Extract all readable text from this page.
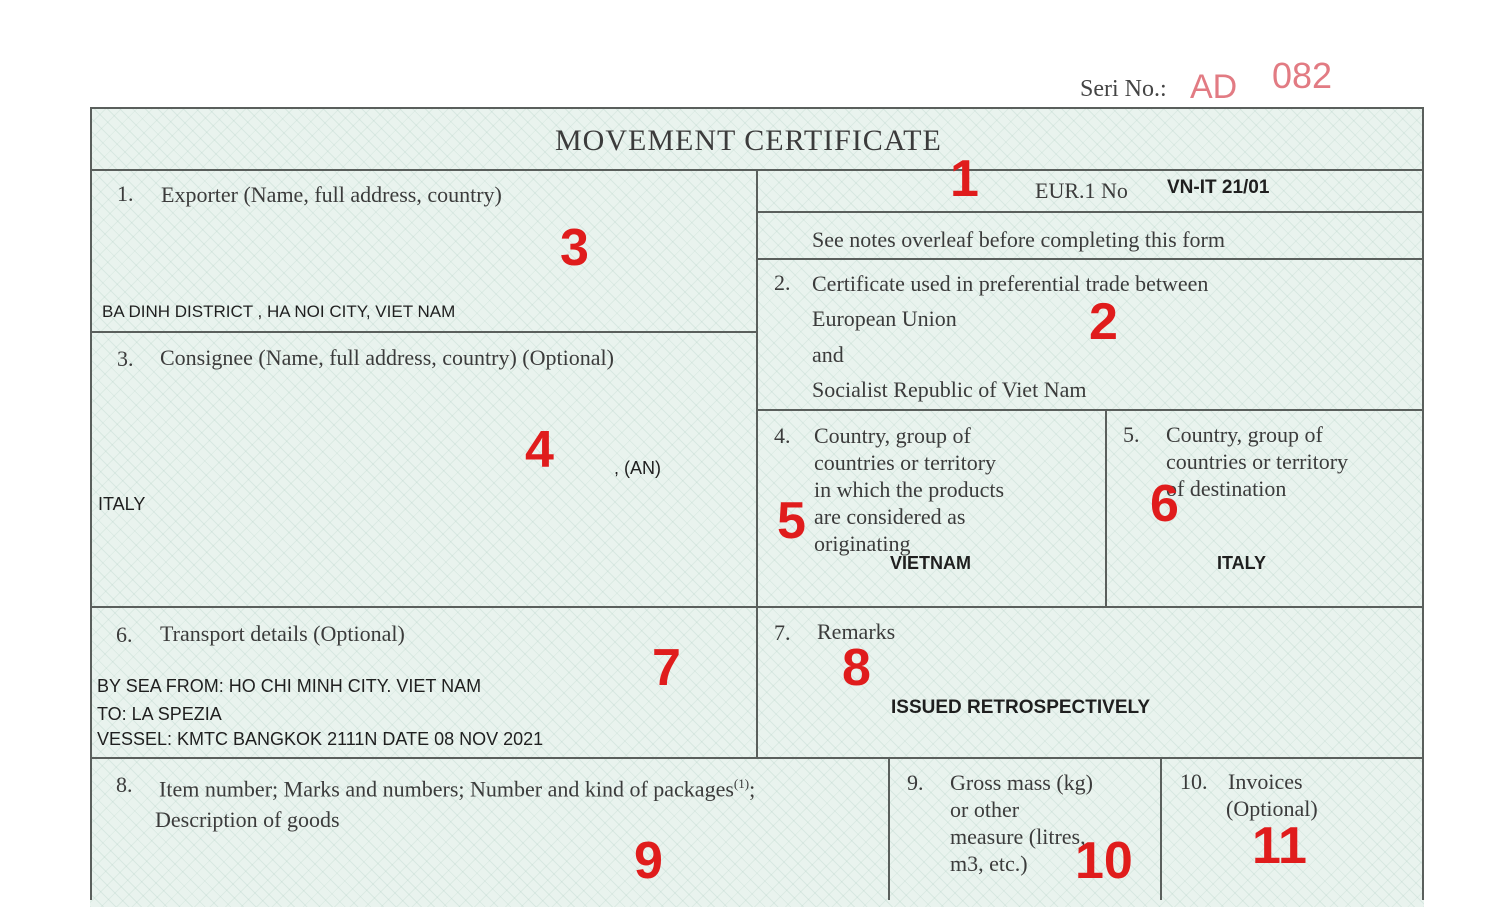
Seri No.: AD 082
MOVEMENT CERTIFICATE
EUR.1 No VN-IT 21/01
See notes overleaf before completing this form
1. Exporter (Name, full address, country)
BA DINH DISTRICT , HA NOI CITY, VIET NAM
2. Certificate used in preferential trade between
European Union
and
Socialist Republic of Viet Nam
3. Consignee (Name, full address, country) (Optional)
, (AN)
ITALY
4. Country, group of
countries or territory
in which the products
are considered as
originating
VIETNAM
5. Country, group of
countries or territory
of destination
ITALY
6. Transport details (Optional)
BY SEA FROM: HO CHI MINH CITY. VIET NAM
TO: LA SPEZIA
VESSEL: KMTC BANGKOK 2111N DATE 08 NOV 2021
7. Remarks
ISSUED RETROSPECTIVELY
8. Item number; Marks and numbers; Number and kind of packages$^{(1)}$;
Description of goods
9. Gross mass (kg)
or other
measure (litres,
m3, etc.)
10. Invoices
(Optional)
1
2
3
4
5	6
7	8
9	10 11
